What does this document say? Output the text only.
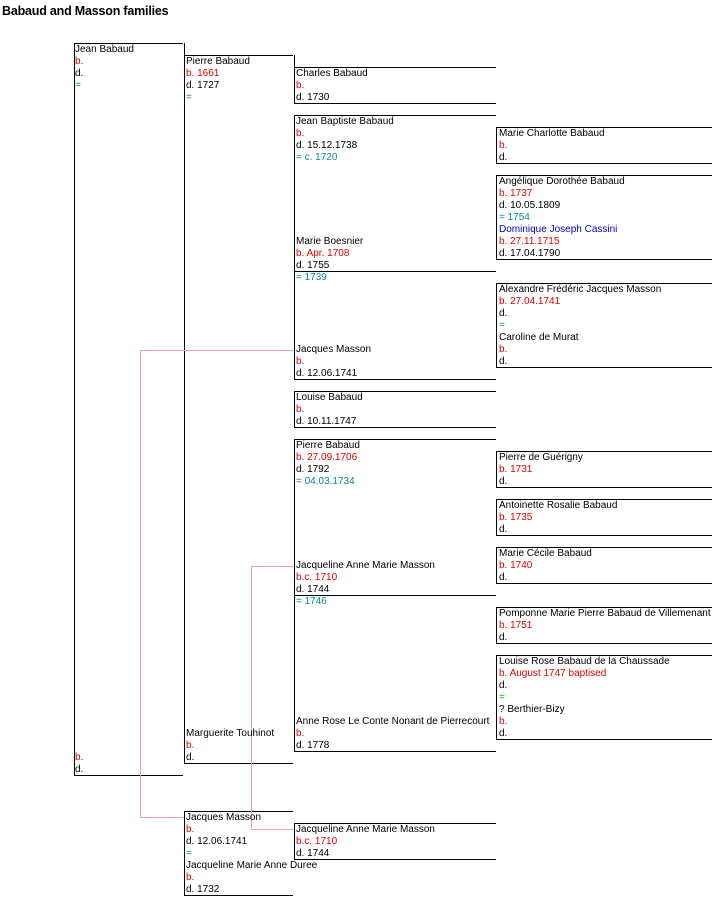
Babaud and Masson families
Jean Babaud
b.
d.
=
b.
d.
Pierre Babaud
b. 1661
d. 1727
=
Marguerite Touhinot
b.
d.
Charles Babaud
b.
d. 1730
Jean Baptiste Babaud
b.
d. 15.12.1738
= c. 1720
Marie Boesnier
b. Apr. 1708
d. 1755
= 1739
Jacques Masson
b.
d. 12.06.1741
Louise Babaud
b.
d. 10.11.1747
Pierre Babaud
b. 27.09.1706
d. 1792
= 04.03.1734
Jacqueline Anne Marie Masson
b.c. 1710
d. 1744
= 1746
Anne Rose Le Conte Nonant de Pierrecourt
b.
d. 1778
Marie Charlotte Babaud
b.
d.
Angélique Dorothée Babaud
b. 1737
d. 10.05.1809
= 1754
Dominique Joseph Cassini
b. 27.11.1715
d. 17.04.1790
Alexandre Frédéric Jacques Masson
b. 27.04.1741
d.
=
Caroline de Murat
b.
d.
Pierre de Guérigny
b. 1731
d.
Antoinette Rosalie Babaud
b. 1735
d.
Marie Cécile Babaud
b. 1740
d.
Pomponne Marie Pierre Babaud de Villemenant
b. 1751
d.
Louise Rose Babaud de la Chaussade
b. August 1747 baptised
d.
=
? Berthier-Bizy
b.
d.
Jacques Masson
b.
d. 12.06.1741
=
Jacqueline Marie Anne Duree
b.
d. 1732
Jacqueline Anne Marie Masson
b.c. 1710
d. 1744
